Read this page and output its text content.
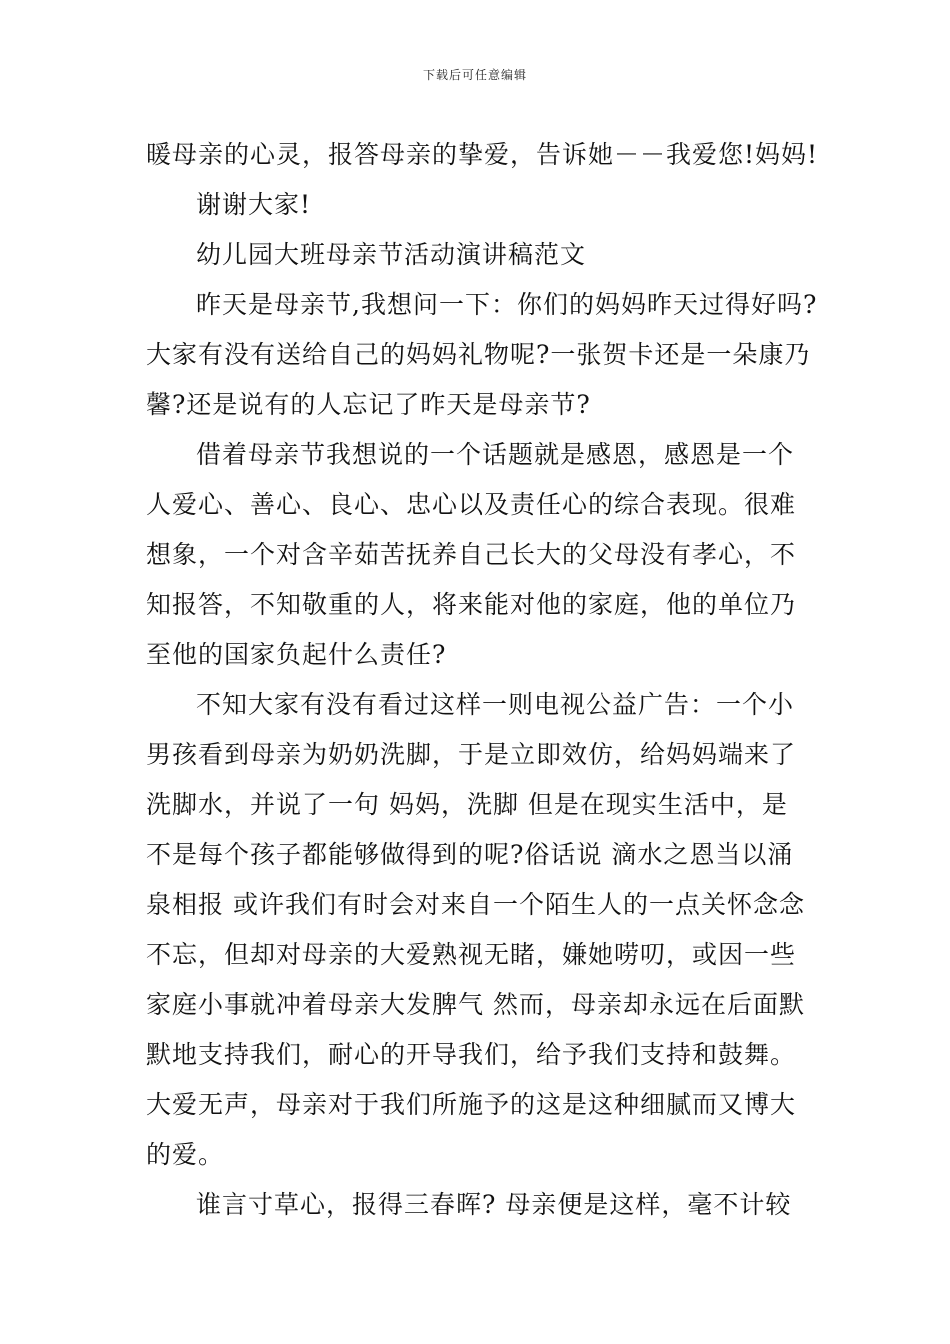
下载后可任意编辑
暖母亲的心灵，报答母亲的挚爱，告诉她－－我爱您!妈妈!
谢谢大家!
幼儿园大班母亲节活动演讲稿范文
昨天是母亲节,我想问一下：你们的妈妈昨天过得好吗?
大家有没有送给自己的妈妈礼物呢?一张贺卡还是一朵康乃
馨?还是说有的人忘记了昨天是母亲节?
借着母亲节我想说的一个话题就是感恩，感恩是一个
人爱心、善心、良心、忠心以及责任心的综合表现。很难
想象，一个对含辛茹苦抚养自己长大的父母没有孝心，不
知报答，不知敬重的人，将来能对他的家庭，他的单位乃
至他的国家负起什么责任?
不知大家有没有看过这样一则电视公益广告：一个小
男孩看到母亲为奶奶洗脚，于是立即效仿，给妈妈端来了
洗脚水，并说了一句 妈妈，洗脚 但是在现实生活中，是
不是每个孩子都能够做得到的呢?俗话说 滴水之恩当以涌
泉相报 或许我们有时会对来自一个陌生人的一点关怀念念
不忘，但却对母亲的大爱熟视无睹，嫌她唠叨，或因一些
家庭小事就冲着母亲大发脾气 然而，母亲却永远在后面默
默地支持我们，耐心的开导我们，给予我们支持和鼓舞。
大爱无声，母亲对于我们所施予的这是这种细腻而又博大
的爱。
谁言寸草心，报得三春晖? 母亲便是这样，毫不计较
